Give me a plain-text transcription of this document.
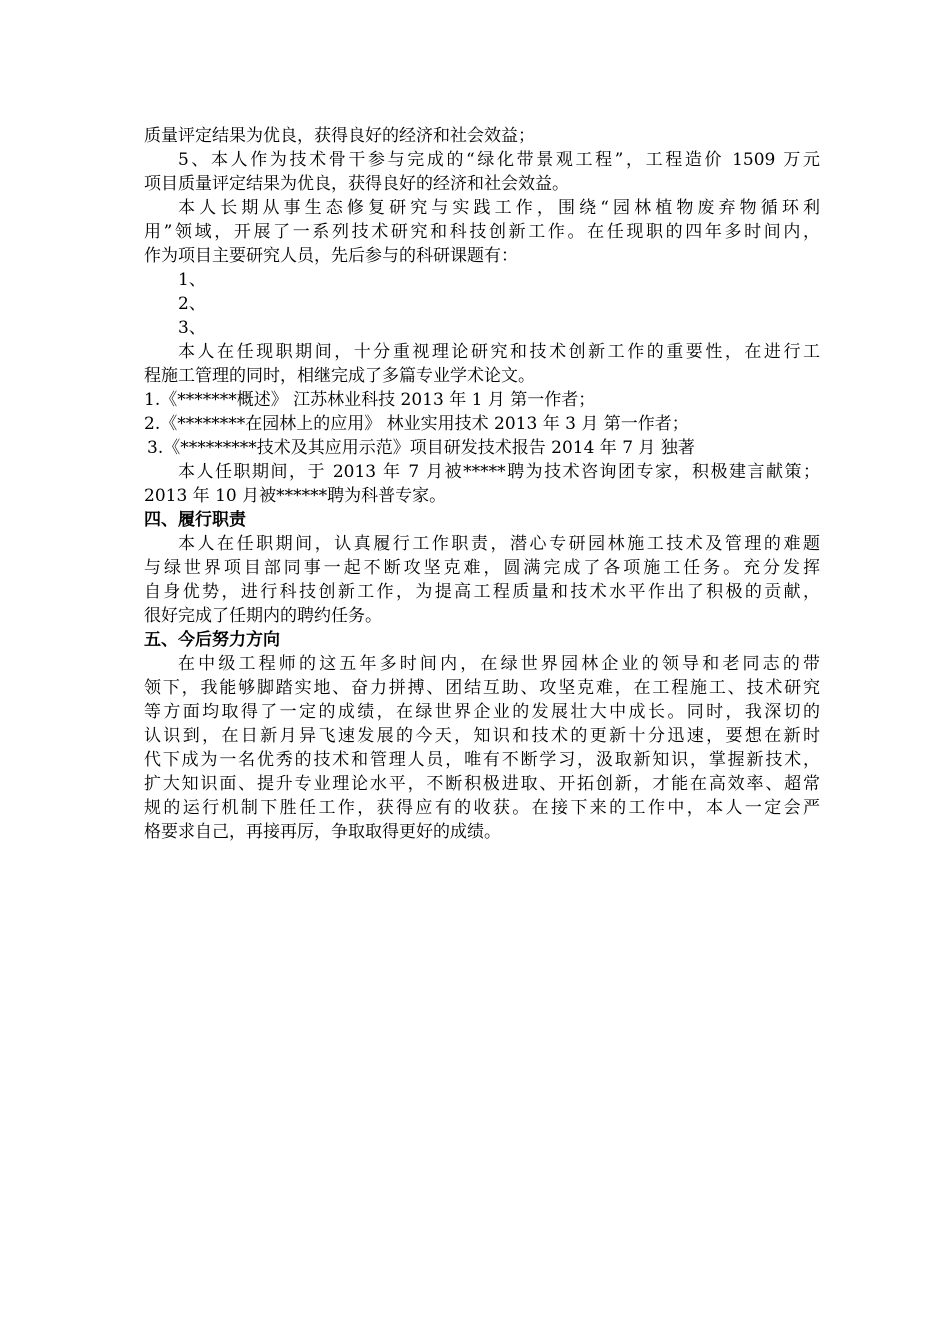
质量评定结果为优良，获得良好的经济和社会效益；
5、本人作为技术骨干参与完成的“绿化带景观工程”，工程造价 1509 万元
项目质量评定结果为优良，获得良好的经济和社会效益。
本人长期从事生态修复研究与实践工作，围绕“园林植物废弃物循环利
用”领域，开展了一系列技术研究和科技创新工作。在任现职的四年多时间内，
作为项目主要研究人员，先后参与的科研课题有：
1、
2、
3、
本人在任现职期间，十分重视理论研究和技术创新工作的重要性，在进行工
程施工管理的同时，相继完成了多篇专业学术论文。
1.《*******概述》 江苏林业科技 2013 年 1 月 第一作者；
2.《********在园林上的应用》 林业实用技术 2013 年 3 月 第一作者；
3.《*********技术及其应用示范》项目研发技术报告 2014 年 7 月 独著
本人任职期间，于 2013 年 7 月被*****聘为技术咨询团专家，积极建言献策；
2013 年 10 月被******聘为科普专家。
四、履行职责
本人在任职期间，认真履行工作职责，潜心专研园林施工技术及管理的难题
与绿世界项目部同事一起不断攻坚克难，圆满完成了各项施工任务。充分发挥
自身优势，进行科技创新工作，为提高工程质量和技术水平作出了积极的贡献，
很好完成了任期内的聘约任务。
五、今后努力方向
在中级工程师的这五年多时间内，在绿世界园林企业的领导和老同志的带
领下，我能够脚踏实地、奋力拼搏、团结互助、攻坚克难，在工程施工、技术研究
等方面均取得了一定的成绩，在绿世界企业的发展壮大中成长。同时，我深切的
认识到，在日新月异飞速发展的今天，知识和技术的更新十分迅速，要想在新时
代下成为一名优秀的技术和管理人员，唯有不断学习，汲取新知识，掌握新技术，
扩大知识面、提升专业理论水平，不断积极进取、开拓创新，才能在高效率、超常
规的运行机制下胜任工作，获得应有的收获。在接下来的工作中，本人一定会严
格要求自己，再接再厉，争取取得更好的成绩。
